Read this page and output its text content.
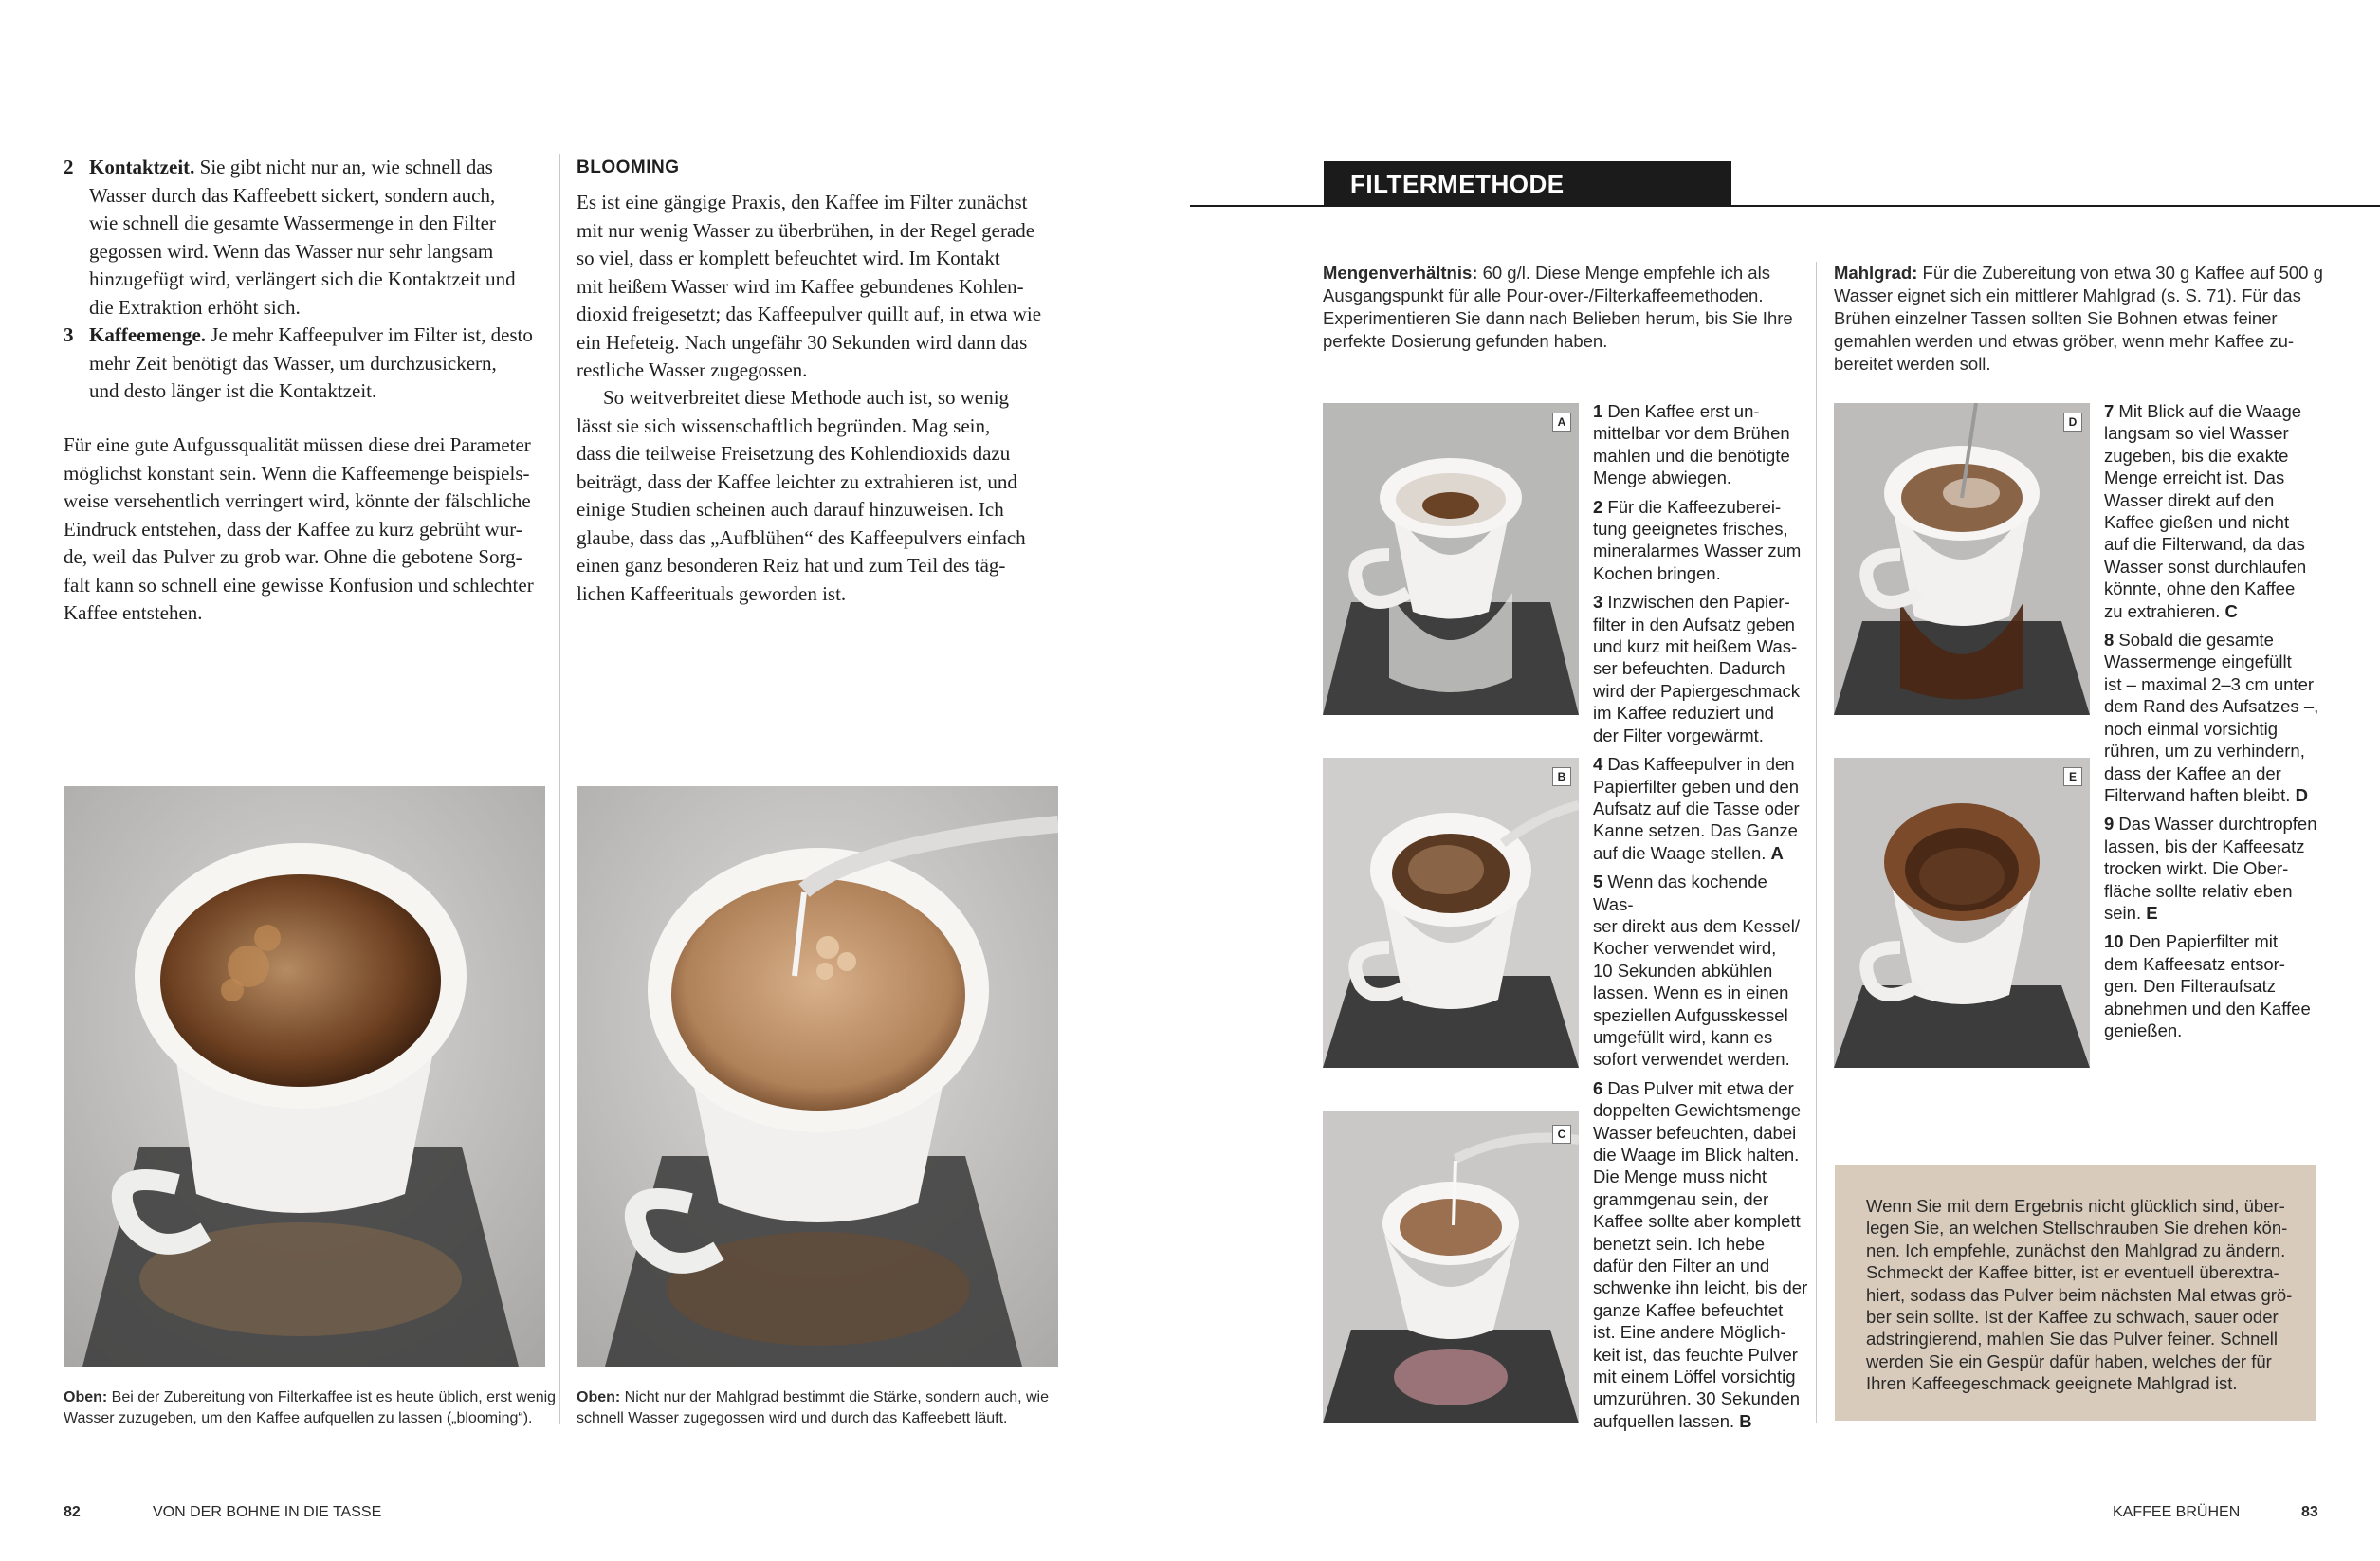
2 Kontaktzeit. Sie gibt nicht nur an, wie schnell das
Wasser durch das Kaffeebett sickert, sondern auch,
wie schnell die gesamte Wassermenge in den Filter
gegossen wird. Wenn das Wasser nur sehr langsam
hinzugefügt wird, verlängert sich die Kontaktzeit und
die Extraktion erhöht sich.
3 Kaffeemenge. Je mehr Kaffeepulver im Filter ist, desto
mehr Zeit benötigt das Wasser, um durchzusickern,
und desto länger ist die Kontaktzeit.
Für eine gute Aufgussqualität müssen diese drei Parameter
möglichst konstant sein. Wenn die Kaffeemenge beispiels-
weise versehentlich verringert wird, könnte der fälschliche
Eindruck entstehen, dass der Kaffee zu kurz gebrüht wur-
de, weil das Pulver zu grob war. Ohne die gebotene Sorg-
falt kann so schnell eine gewisse Konfusion und schlechter
Kaffee entstehen.
BLOOMING
Es ist eine gängige Praxis, den Kaffee im Filter zunächst
mit nur wenig Wasser zu überbrühen, in der Regel gerade
so viel, dass er komplett befeuchtet wird. Im Kontakt
mit heißem Wasser wird im Kaffee gebundenes Kohlen-
dioxid freigesetzt; das Kaffeepulver quillt auf, in etwa wie
ein Hefeteig. Nach ungefähr 30 Sekunden wird dann das
restliche Wasser zugegossen.
So weitverbreitet diese Methode auch ist, so wenig
lässt sie sich wissenschaftlich begründen. Mag sein,
dass die teilweise Freisetzung des Kohlendioxids dazu
beiträgt, dass der Kaffee leichter zu extrahieren ist, und
einige Studien scheinen auch darauf hinzuweisen. Ich
glaube, dass das „Aufblühen“ des Kaffeepulvers einfach
einen ganz besonderen Reiz hat und zum Teil des täg-
lichen Kaffeerituals geworden ist.
Oben: Bei der Zubereitung von Filterkaffee ist es heute üblich, erst wenig
Wasser zuzugeben, um den Kaffee aufquellen zu lassen („blooming“).
Oben: Nicht nur der Mahlgrad bestimmt die Stärke, sondern auch, wie
schnell Wasser zugegossen wird und durch das Kaffeebett läuft.
82	VON DER BOHNE IN DIE TASSE
FILTERMETHODE
Mengenverhältnis: 60 g/l. Diese Menge empfehle ich als
Ausgangspunkt für alle Pour-over-/Filterkaffeemethoden.
Experimentieren Sie dann nach Belieben herum, bis Sie Ihre
perfekte Dosierung gefunden haben.
Mahlgrad: Für die Zubereitung von etwa 30 g Kaffee auf 500 g
Wasser eignet sich ein mittlerer Mahlgrad (s. S. 71). Für das
Brühen einzelner Tassen sollten Sie Bohnen etwas feiner
gemahlen werden und etwas gröber, wenn mehr Kaffee zu-
bereitet werden soll.
A
B
C

1 Den Kaffee erst un-
mittelbar vor dem Brühen
mahlen und die benötigte
Menge abwiegen.

2 Für die Kaffeezuberei-
tung geeignetes frisches,
mineralarmes Wasser zum
Kochen bringen.

3 Inzwischen den Papier-
filter in den Aufsatz geben
und kurz mit heißem Was-
ser befeuchten. Dadurch
wird der Papiergeschmack
im Kaffee reduziert und
der Filter vorgewärmt.

4 Das Kaffeepulver in den
Papierfilter geben und den
Aufsatz auf die Tasse oder
Kanne setzen. Das Ganze
auf die Waage stellen. A

5 Wenn das kochende Was-
ser direkt aus dem Kessel/
Kocher verwendet wird,
10 Sekunden abkühlen
lassen. Wenn es in einen
speziellen Aufgusskessel
umgefüllt wird, kann es
sofort verwendet werden.

6 Das Pulver mit etwa der
doppelten Gewichtsmenge
Wasser befeuchten, dabei
die Waage im Blick halten.
Die Menge muss nicht
grammgenau sein, der
Kaffee sollte aber komplett
benetzt sein. Ich hebe
dafür den Filter an und
schwenke ihn leicht, bis der
ganze Kaffee befeuchtet
ist. Eine andere Möglich-
keit ist, das feuchte Pulver
mit einem Löffel vorsichtig
umzurühren. 30 Sekunden
aufquellen lassen. B

D
E

7 Mit Blick auf die Waage
langsam so viel Wasser
zugeben, bis die exakte
Menge erreicht ist. Das
Wasser direkt auf den
Kaffee gießen und nicht
auf die Filterwand, da das
Wasser sonst durchlaufen
könnte, ohne den Kaffee
zu extrahieren. C

8 Sobald die gesamte
Wassermenge eingefüllt
ist – maximal 2–3 cm unter
dem Rand des Aufsatzes –,
noch einmal vorsichtig
rühren, um zu verhindern,
dass der Kaffee an der
Filterwand haften bleibt. D

9 Das Wasser durchtropfen
lassen, bis der Kaffeesatz
trocken wirkt. Die Ober-
fläche sollte relativ eben
sein. E

10 Den Papierfilter mit
dem Kaffeesatz entsor-
gen. Den Filteraufsatz
abnehmen und den Kaffee
genießen.

Wenn Sie mit dem Ergebnis nicht glücklich sind, über-
legen Sie, an welchen Stellschrauben Sie drehen kön-
nen. Ich empfehle, zunächst den Mahlgrad zu ändern.
Schmeckt der Kaffee bitter, ist er eventuell überextra-
hiert, sodass das Pulver beim nächsten Mal etwas grö-
ber sein sollte. Ist der Kaffee zu schwach, sauer oder
adstringierend, mahlen Sie das Pulver feiner. Schnell
werden Sie ein Gespür dafür haben, welches der für
Ihren Kaffeegeschmack geeignete Mahlgrad ist.
KAFFEE BRÜHEN	83
